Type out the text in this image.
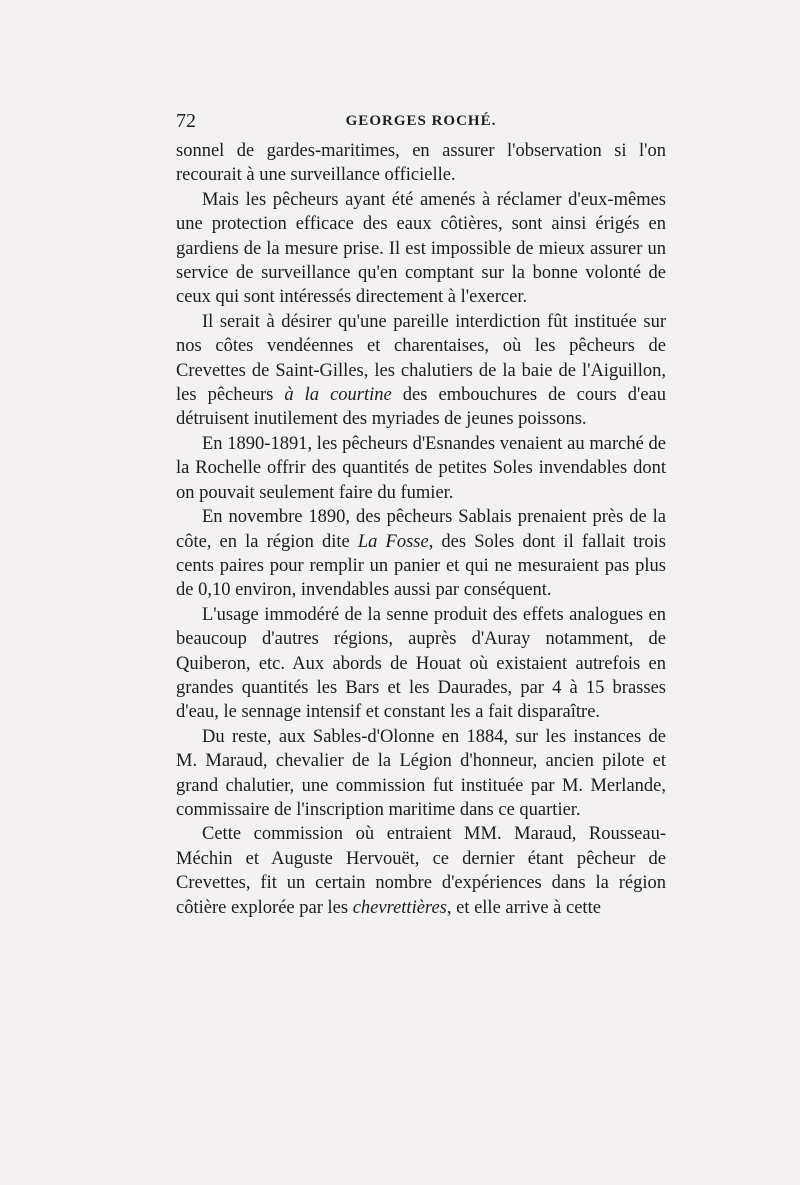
72	GEORGES ROCHÉ.

sonnel de gardes-maritimes, en assurer l'observation si l'on recourait à une surveillance officielle.

Mais les pêcheurs ayant été amenés à réclamer d'eux-mêmes une protection efficace des eaux côtières, sont ainsi érigés en gardiens de la mesure prise. Il est impossible de mieux assurer un service de surveillance qu'en comptant sur la bonne volonté de ceux qui sont intéressés directement à l'exercer.

Il serait à désirer qu'une pareille interdiction fût instituée sur nos côtes vendéennes et charentaises, où les pêcheurs de Crevettes de Saint-Gilles, les chalutiers de la baie de l'Aiguillon, les pêcheurs à la courtine des embouchures de cours d'eau détruisent inutilement des myriades de jeunes poissons.

En 1890-1891, les pêcheurs d'Esnandes venaient au marché de la Rochelle offrir des quantités de petites Soles invendables dont on pouvait seulement faire du fumier.

En novembre 1890, des pêcheurs Sablais prenaient près de la côte, en la région dite La Fosse, des Soles dont il fallait trois cents paires pour remplir un panier et qui ne mesuraient pas plus de 0,10 environ, invendables aussi par conséquent.

L'usage immodéré de la senne produit des effets analogues en beaucoup d'autres régions, auprès d'Auray notamment, de Quiberon, etc. Aux abords de Houat où existaient autrefois en grandes quantités les Bars et les Daurades, par 4 à 15 brasses d'eau, le sennage intensif et constant les a fait disparaître.

Du reste, aux Sables-d'Olonne en 1884, sur les instances de M. Maraud, chevalier de la Légion d'honneur, ancien pilote et grand chalutier, une commission fut instituée par M. Merlande, commissaire de l'inscription maritime dans ce quartier.

Cette commission où entraient MM. Maraud, Rousseau-Méchin et Auguste Hervouët, ce dernier étant pêcheur de Crevettes, fit un certain nombre d'expériences dans la région côtière explorée par les chevrettières, et elle arrive à cette
